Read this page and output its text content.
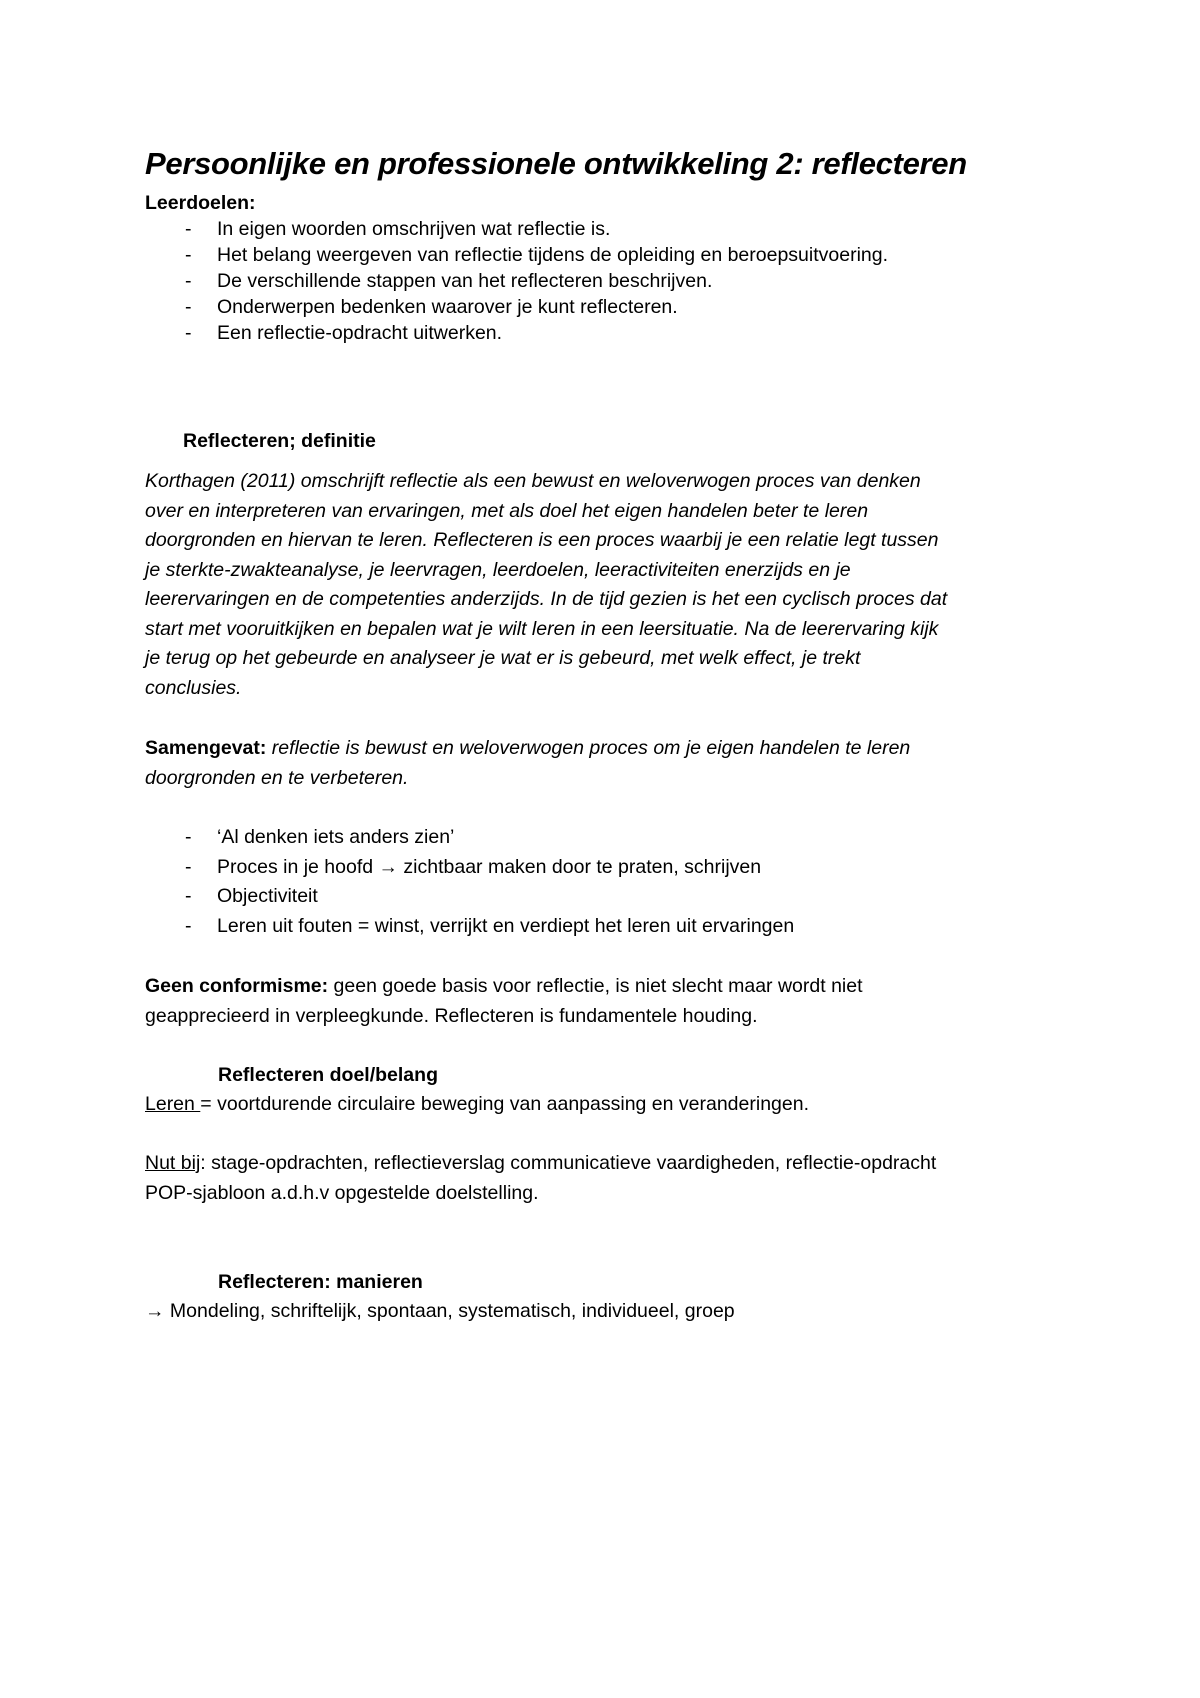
Persoonlijke en professionele ontwikkeling 2: reflecteren

Leerdoelen:

- In eigen woorden omschrijven wat reflectie is.
- Het belang weergeven van reflectie tijdens de opleiding en beroepsuitvoering.
- De verschillende stappen van het reflecteren beschrijven.
- Onderwerpen bedenken waarover je kunt reflecteren.
- Een reflectie-opdracht uitwerken.

Reflecteren; definitie

Korthagen (2011) omschrijft reflectie als een bewust en weloverwogen proces van denken
over en interpreteren van ervaringen, met als doel het eigen handelen beter te leren
doorgronden en hiervan te leren. Reflecteren is een proces waarbij je een relatie legt tussen
je sterkte-zwakteanalyse, je leervragen, leerdoelen, leeractiviteiten enerzijds en je
leerervaringen en de competenties anderzijds. In de tijd gezien is het een cyclisch proces dat
start met vooruitkijken en bepalen wat je wilt leren in een leersituatie. Na de leerervaring kijk
je terug op het gebeurde en analyseer je wat er is gebeurd, met welk effect, je trekt
conclusies.
Samengevat: reflectie is bewust en weloverwogen proces om je eigen handelen te leren
doorgronden en te verbeteren.
- ‘Al denken iets anders zien’
- Proces in je hoofd → zichtbaar maken door te praten, schrijven
- Objectiviteit
- Leren uit fouten = winst, verrijkt en verdiept het leren uit ervaringen
Geen conformisme: geen goede basis voor reflectie, is niet slecht maar wordt niet
geapprecieerd in verpleegkunde. Reflecteren is fundamentele houding.

Reflecteren doel/belang

Leren = voortdurende circulaire beweging van aanpassing en veranderingen.
Nut bij: stage-opdrachten, reflectieverslag communicatieve vaardigheden, reflectie-opdracht
POP-sjabloon a.d.h.v opgestelde doelstelling.

Reflecteren: manieren

→ Mondeling, schriftelijk, spontaan, systematisch, individueel, groep
